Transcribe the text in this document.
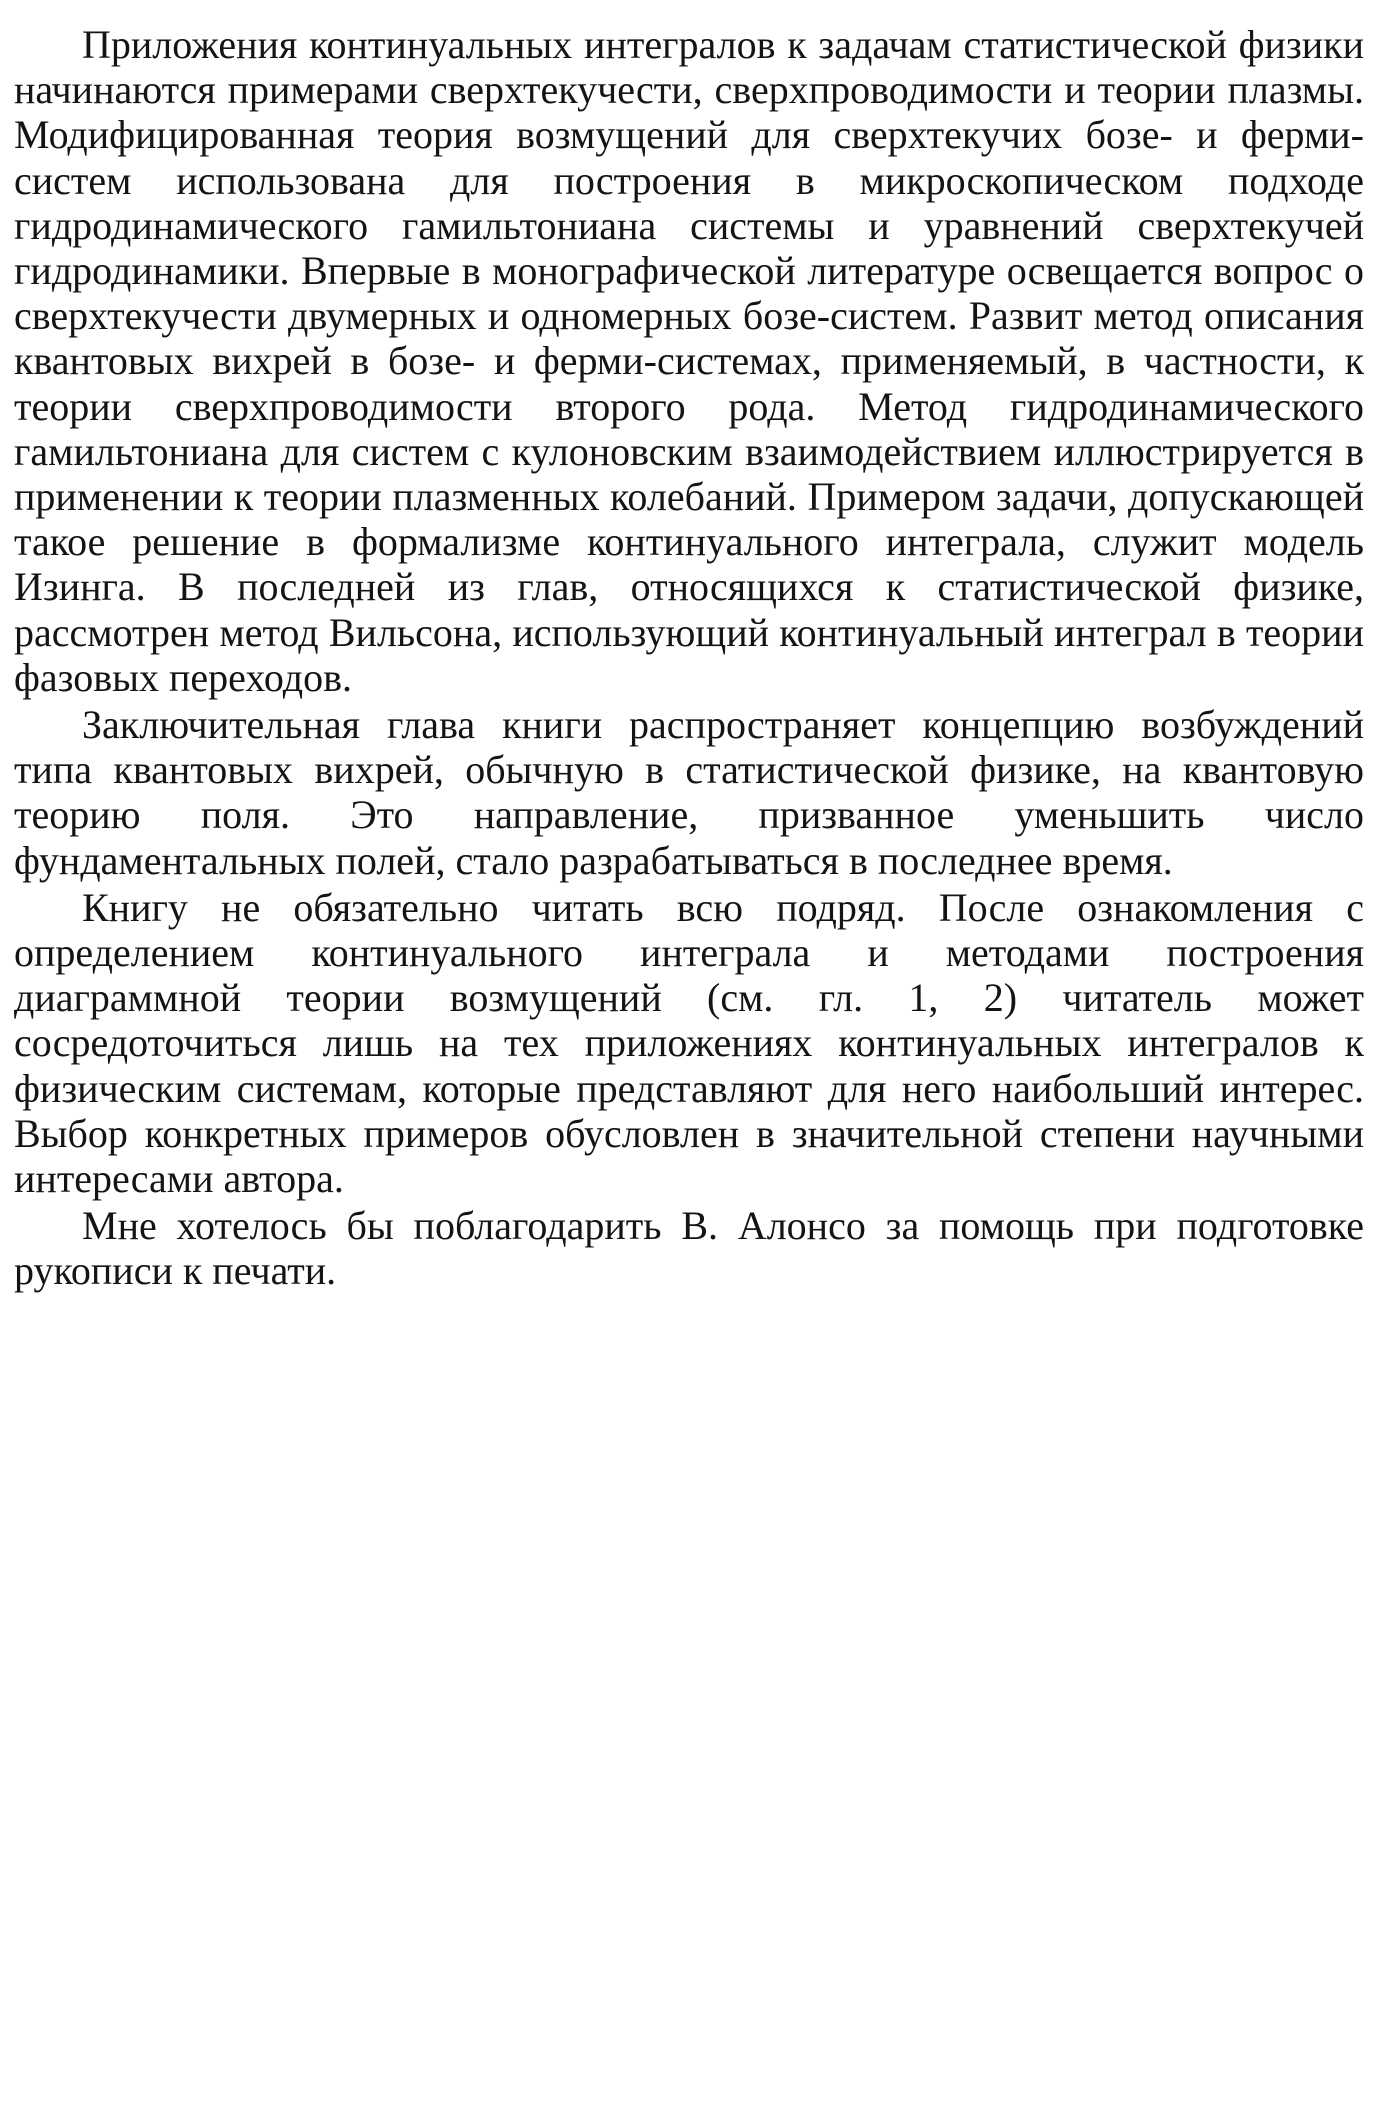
Приложения континуальных интегралов к задачам статистической физики начинаются примерами сверхтекучести, сверхпроводимости и теории плазмы. Модифицированная теория возмущений для сверхтекучих бозе- и ферми-систем использована для построения в микроскопическом подходе гидродинамического гамильтониана системы и уравнений сверхтекучей гидродинамики. Впервые в монографической литературе освещается вопрос о сверхтекучести двумерных и одномерных бозе-систем. Развит метод описания квантовых вихрей в бозе- и ферми-системах, применяемый, в частности, к теории сверхпроводимости второго рода. Метод гидродинамического гамильтониана для систем с кулоновским взаимодействием иллюстрируется в применении к теории плазменных колебаний. Примером задачи, допускающей такое решение в формализме континуального интеграла, служит модель Изинга. В последней из глав, относящихся к статистической физике, рассмотрен метод Вильсона, использующий континуальный интеграл в теории фазовых переходов.

Заключительная глава книги распространяет концепцию возбуждений типа квантовых вихрей, обычную в статистической физике, на квантовую теорию поля. Это направление, призванное уменьшить число фундаментальных полей, стало разрабатываться в последнее время.

Книгу не обязательно читать всю подряд. После ознакомления с определением континуального интеграла и методами построения диаграммной теории возмущений (см. гл. 1, 2) читатель может сосредоточиться лишь на тех приложениях континуальных интегралов к физическим системам, которые представляют для него наибольший интерес. Выбор конкретных примеров обусловлен в значительной степени научными интересами автора.

Мне хотелось бы поблагодарить В. Алонсо за помощь при подготовке рукописи к печати.
